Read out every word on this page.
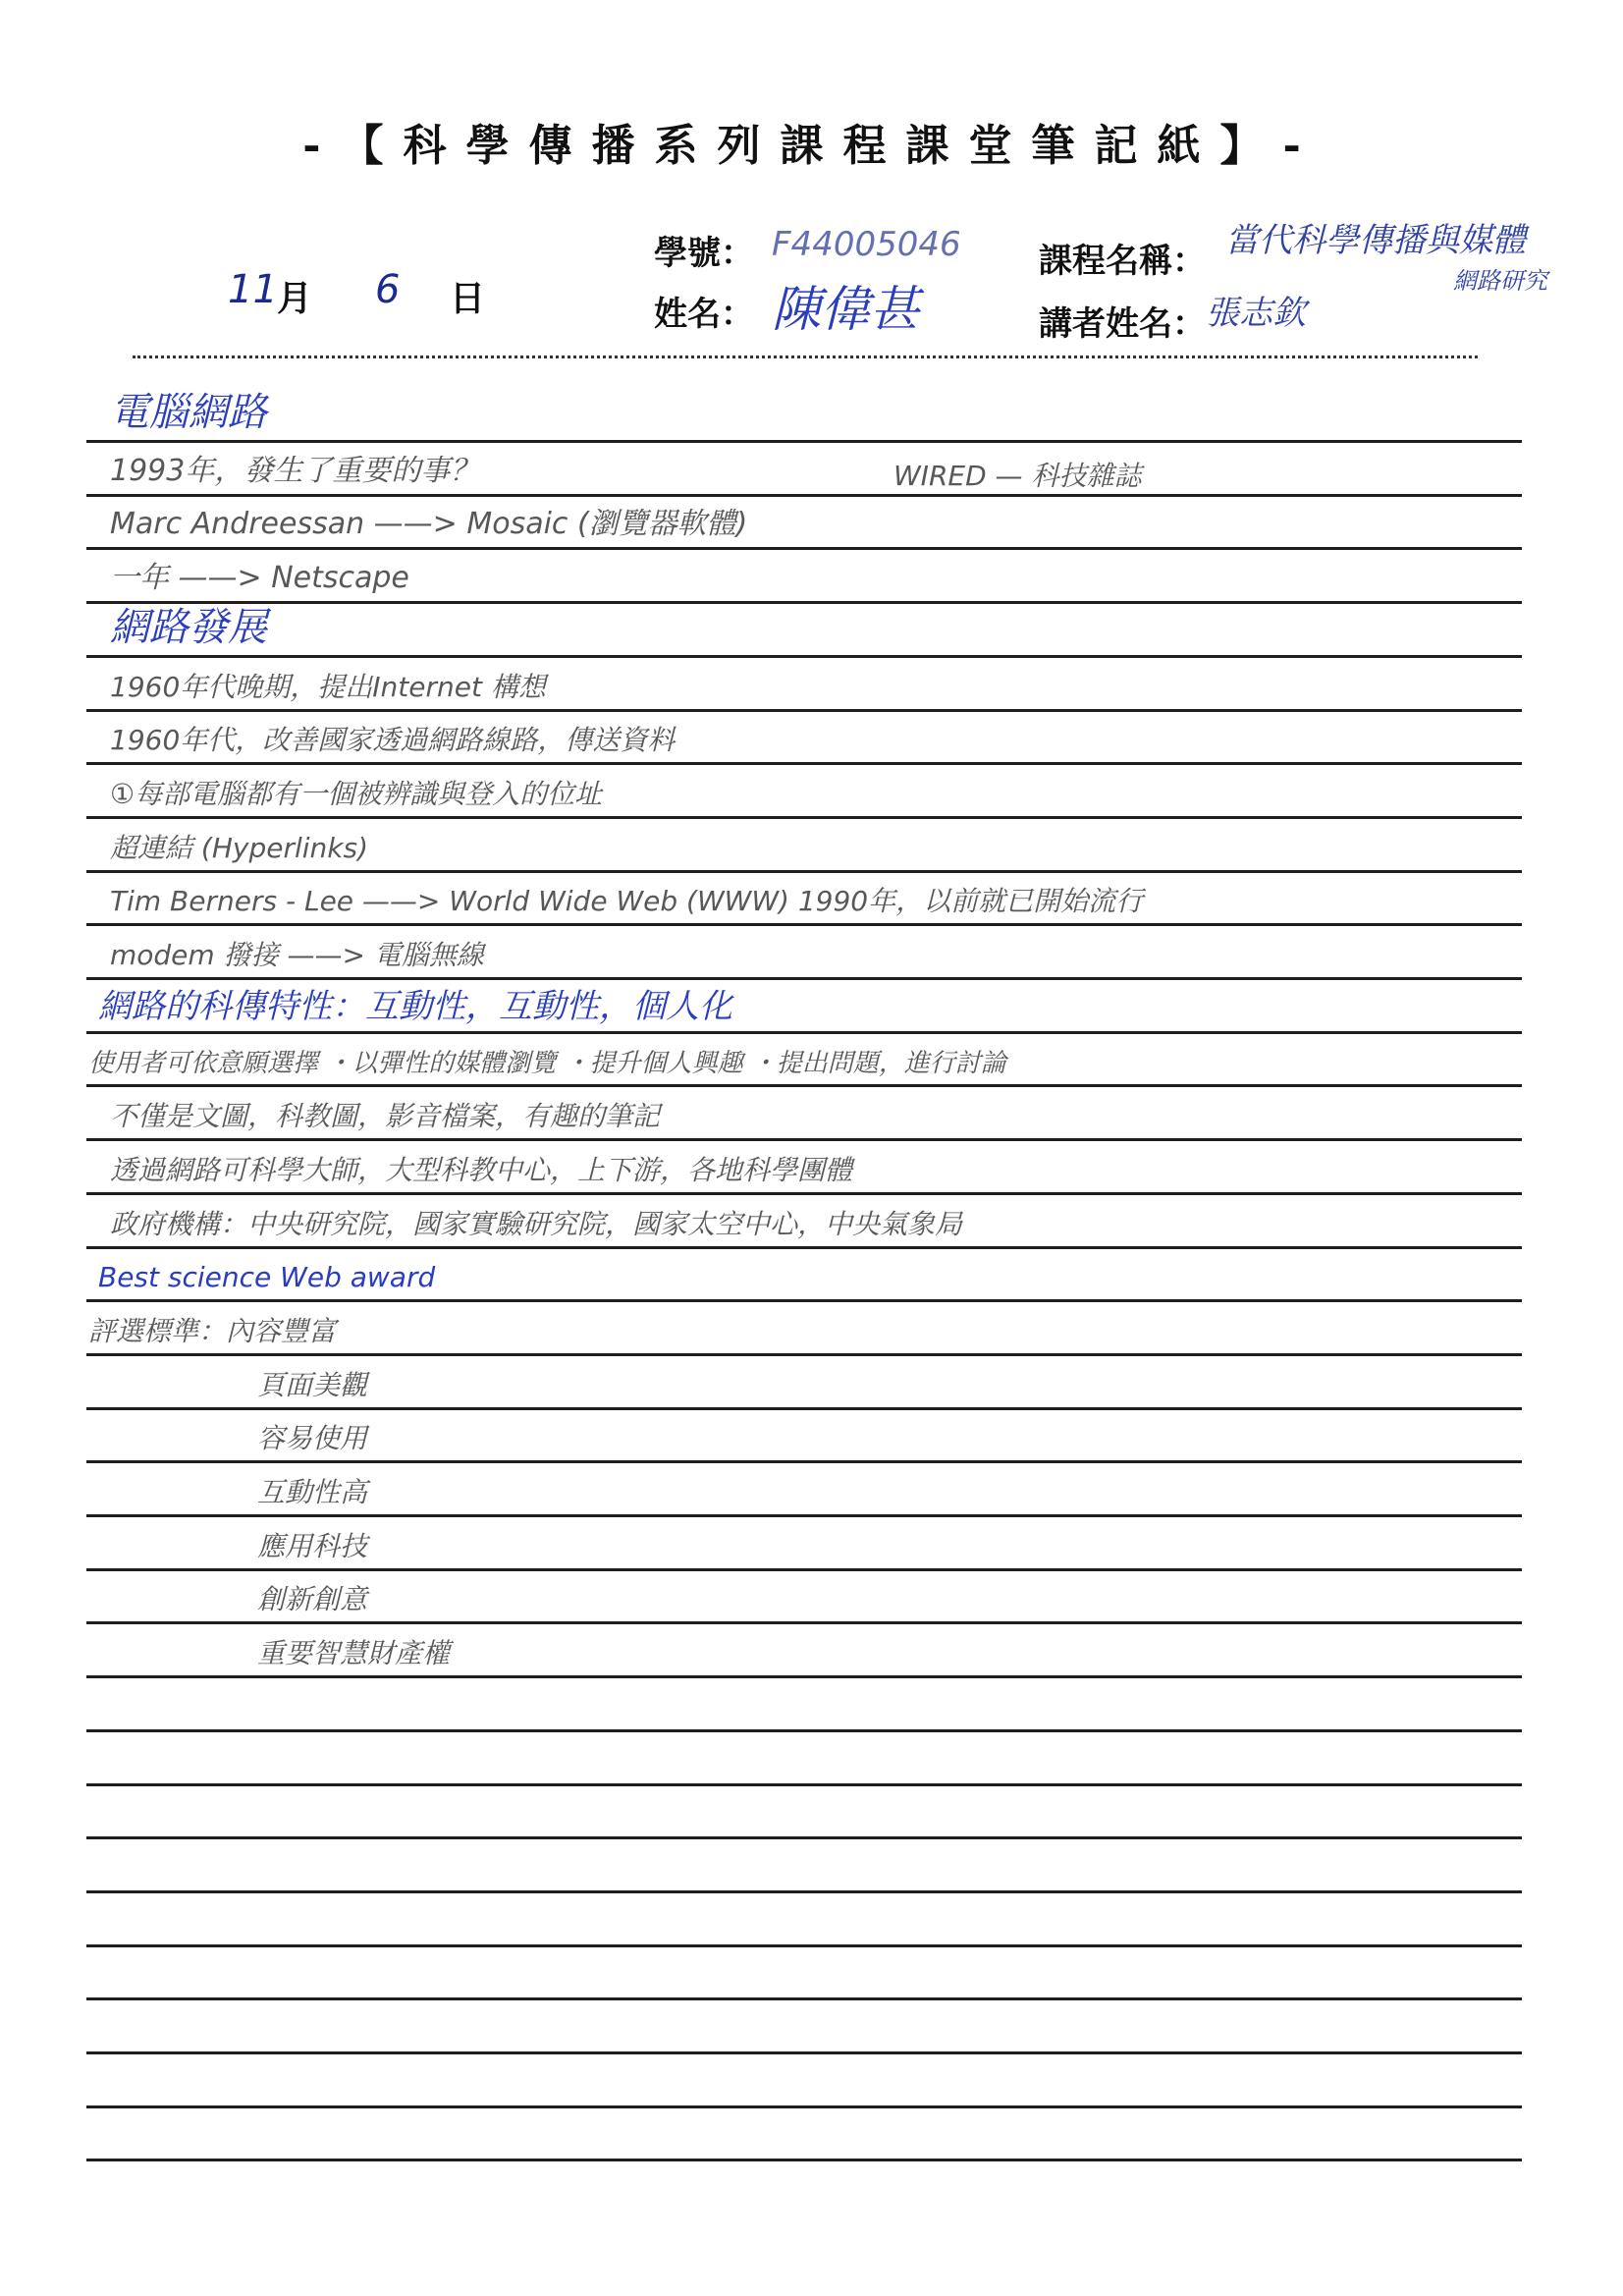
-【科學傳播系列課程課堂筆記紙】-
11 月 6 日
學號： F44005046
姓名： 陳偉甚
課程名稱：
當代科學傳播與媒體
網路研究
講者姓名： 張志欽
電腦網路
1993年，發生了重要的事？	WIRED — 科技雜誌
Marc Andreessan ——> Mosaic (瀏覽器軟體)
一年 ——> Netscape
網路發展
1960年代晚期，提出Internet 構想
1960年代，改善國家透過網路線路，傳送資料
①每部電腦都有一個被辨識與登入的位址
超連結 (Hyperlinks)
Tim Berners - Lee ——> World Wide Web (WWW) 1990年，以前就已開始流行
modem 撥接 ——> 電腦無線
網路的科傳特性：互動性，互動性，個人化
使用者可依意願選擇 ・以彈性的媒體瀏覽 ・提升個人興趣 ・提出問題，進行討論
不僅是文圖，科教圖，影音檔案，有趣的筆記
透過網路可科學大師，大型科教中心，上下游，各地科學團體
政府機構：中央研究院，國家實驗研究院，國家太空中心，中央氣象局
Best science Web award
評選標準：內容豐富
頁面美觀
容易使用
互動性高
應用科技
創新創意
重要智慧財產權
